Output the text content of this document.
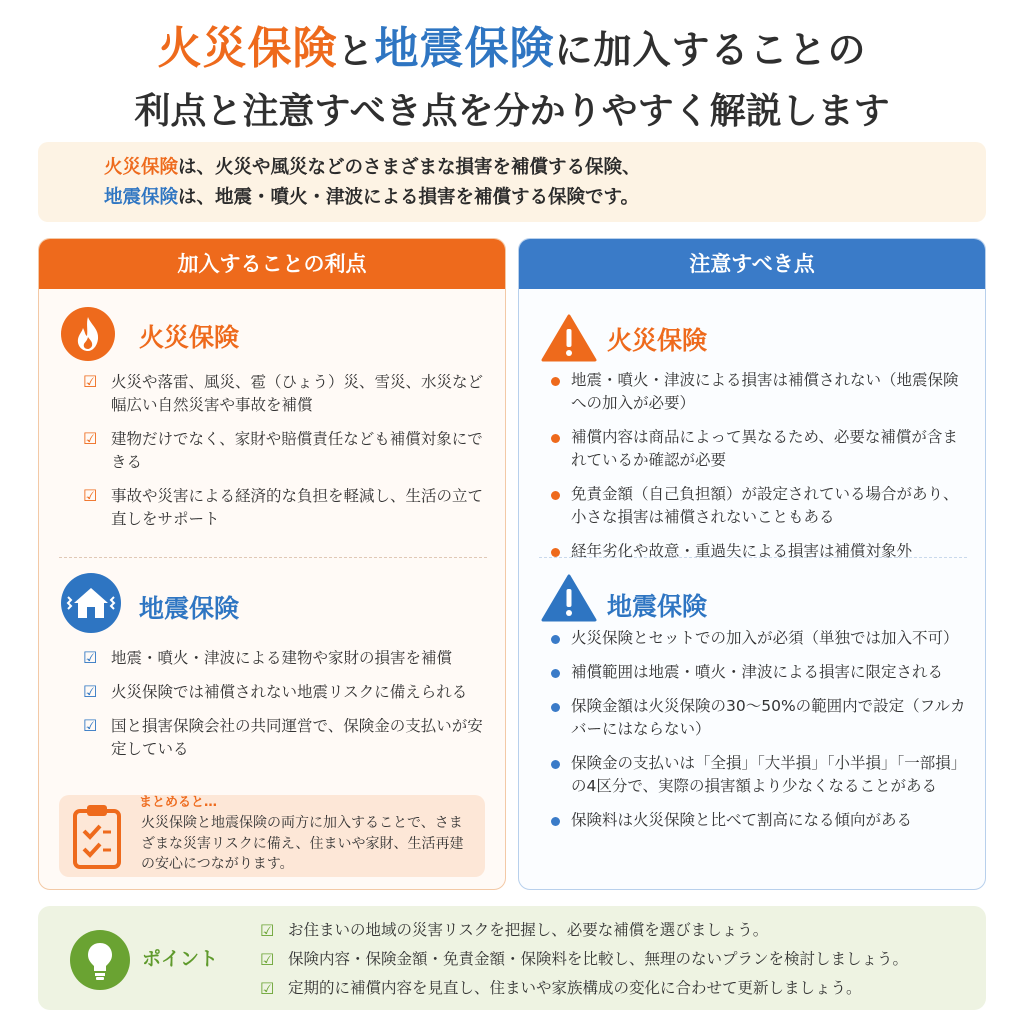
火災保険と地震保険に加入することの
利点と注意すべき点を分かりやすく解説します
火災保険は、火災や風災などのさまざまな損害を補償する保険、
地震保険は、地震・噴火・津波による損害を補償する保険です。
加入することの利点
火災保険
☑ 火災や落雷、風災、雹（ひょう）災、雪災、水災など幅広い自然災害や事故を補償
☑ 建物だけでなく、家財や賠償責任なども補償対象にできる
☑ 事故や災害による経済的な負担を軽減し、生活の立て直しをサポート
地震保険
☑ 地震・噴火・津波による建物や家財の損害を補償
☑ 火災保険では補償されない地震リスクに備えられる
☑ 国と損害保険会社の共同運営で、保険金の支払いが安定している
まとめると…
火災保険と地震保険の両方に加入することで、さまざまな災害リスクに備え、住まいや家財、生活再建の安心につながります。
注意すべき点
火災保険
地震・噴火・津波による損害は補償されない（地震保険への加入が必要）
補償内容は商品によって異なるため、必要な補償が含まれているか確認が必要
免責金額（自己負担額）が設定されている場合があり、小さな損害は補償されないこともある
経年劣化や故意・重過失による損害は補償対象外
地震保険
火災保険とセットでの加入が必須（単独では加入不可）
補償範囲は地震・噴火・津波による損害に限定される
保険金額は火災保険の30～50%の範囲内で設定（フルカバーにはならない）
保険金の支払いは「全損」「大半損」「小半損」「一部損」の4区分で、実際の損害額より少なくなることがある
保険料は火災保険と比べて割高になる傾向がある
ポイント
☑ お住まいの地域の災害リスクを把握し、必要な補償を選びましょう。
☑ 保険内容・保険金額・免責金額・保険料を比較し、無理のないプランを検討しましょう。
☑ 定期的に補償内容を見直し、住まいや家族構成の変化に合わせて更新しましょう。
